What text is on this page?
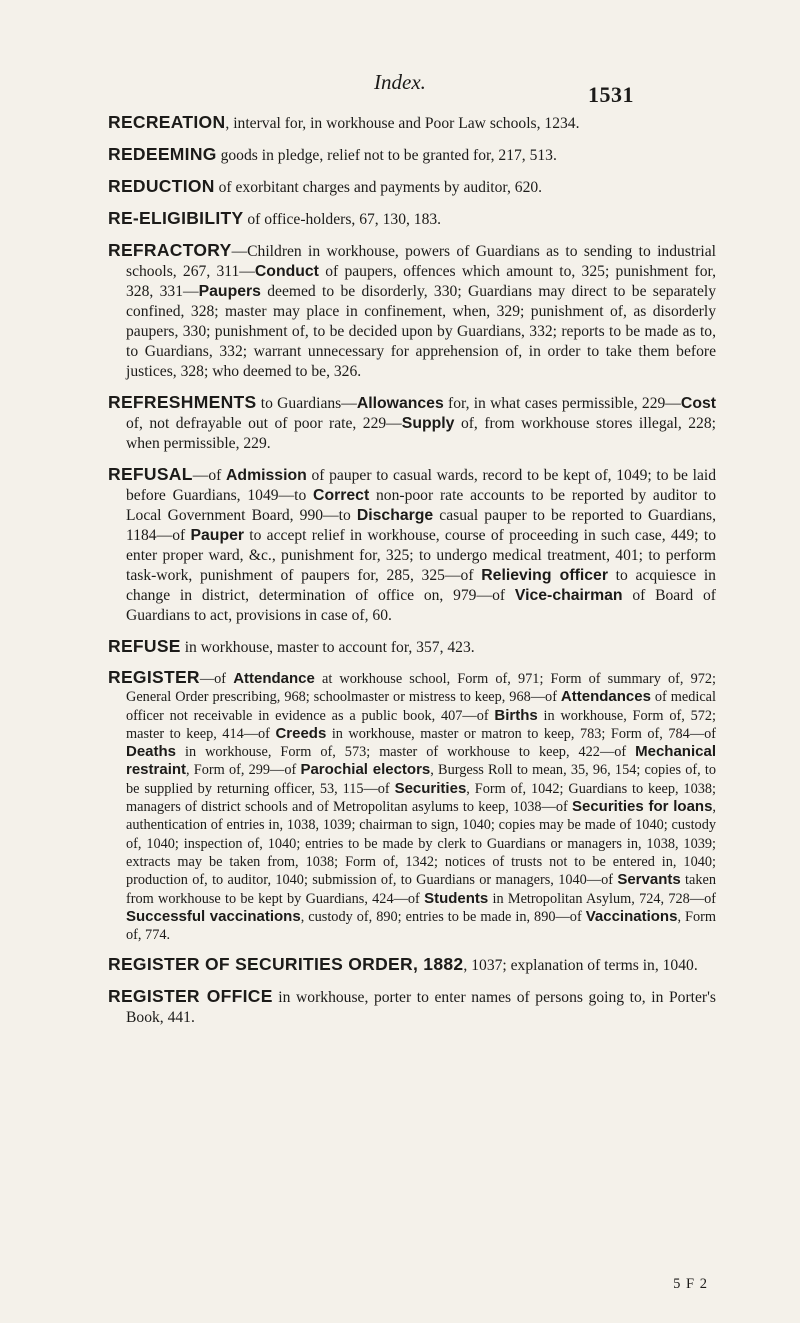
Index.	1531

RECREATION, interval for, in workhouse and Poor Law schools, 1234.

REDEEMING goods in pledge, relief not to be granted for, 217, 513.

REDUCTION of exorbitant charges and payments by auditor, 620.

RE-ELIGIBILITY of office-holders, 67, 130, 183.

REFRACTORY—Children in workhouse, powers of Guardians as to sending to industrial schools, 267, 311—Conduct of paupers, offences which amount to, 325; punishment for, 328, 331—Paupers deemed to be disorderly, 330; Guardians may direct to be separately confined, 328; master may place in confinement, when, 329; punishment of, as disorderly paupers, 330; punishment of, to be decided upon by Guardians, 332; reports to be made as to, to Guardians, 332; warrant unnecessary for apprehension of, in order to take them before justices, 328; who deemed to be, 326.

REFRESHMENTS to Guardians—Allowances for, in what cases permissible, 229—Cost of, not defrayable out of poor rate, 229—Supply of, from workhouse stores illegal, 228; when permissible, 229.

REFUSAL—of Admission of pauper to casual wards, record to be kept of, 1049; to be laid before Guardians, 1049—to Correct non-poor rate accounts to be reported by auditor to Local Government Board, 990—to Discharge casual pauper to be reported to Guardians, 1184—of Pauper to accept relief in workhouse, course of proceeding in such case, 449; to enter proper ward, &c., punishment for, 325; to undergo medical treatment, 401; to perform task-work, punishment of paupers for, 285, 325—of Relieving officer to acquiesce in change in district, determination of office on, 979—of Vice-chairman of Board of Guardians to act, provisions in case of, 60.

REFUSE in workhouse, master to account for, 357, 423.

REGISTER—of Attendance at workhouse school, Form of, 971; Form of summary of, 972; General Order prescribing, 968; schoolmaster or mistress to keep, 968—of Attendances of medical officer not receivable in evidence as a public book, 407—of Births in workhouse, Form of, 572; master to keep, 414—of Creeds in workhouse, master or matron to keep, 783; Form of, 784—of Deaths in workhouse, Form of, 573; master of workhouse to keep, 422—of Mechanical restraint, Form of, 299—of Parochial electors, Burgess Roll to mean, 35, 96, 154; copies of, to be supplied by returning officer, 53, 115—of Securities, Form of, 1042; Guardians to keep, 1038; managers of district schools and of Metropolitan asylums to keep, 1038—of Securities for loans, authentication of entries in, 1038, 1039; chairman to sign, 1040; copies may be made of 1040; custody of, 1040; inspection of, 1040; entries to be made by clerk to Guardians or managers in, 1038, 1039; extracts may be taken from, 1038; Form of, 1342; notices of trusts not to be entered in, 1040; production of, to auditor, 1040; submission of, to Guardians or managers, 1040—of Servants taken from workhouse to be kept by Guardians, 424—of Students in Metropolitan Asylum, 724, 728—of Successful vaccinations, custody of, 890; entries to be made in, 890—of Vaccinations, Form of, 774.

REGISTER OF SECURITIES ORDER, 1882, 1037; explanation of terms in, 1040.

REGISTER OFFICE in workhouse, porter to enter names of persons going to, in Porter's Book, 441.

5 F 2
